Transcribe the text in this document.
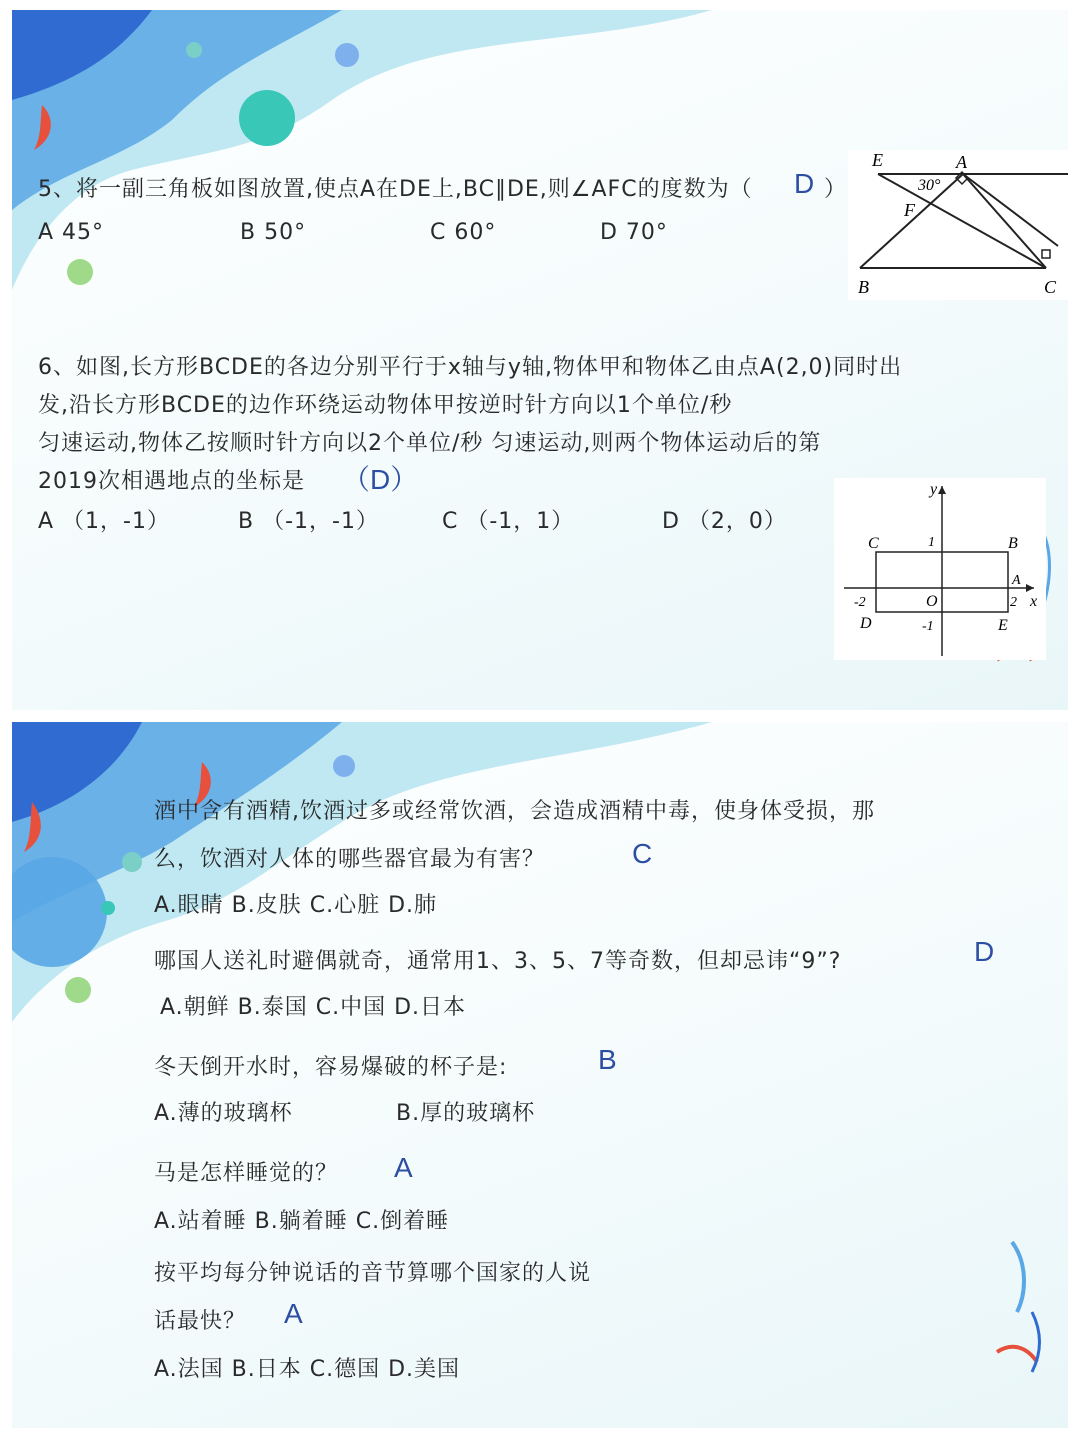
5、将一副三角板如图放置,使点A在DE上,BC∥DE,则∠AFC的度数为（ D ）
A 45°	B 50°	C 60°	D 70°
E	A
30°
F
B	C
6、如图,长方形BCDE的各边分别平行于x轴与y轴,物体甲和物体乙由点A(2,0)同时出
发,沿长方形BCDE的边作环绕运动物体甲按逆时针方向以1个单位/秒
匀速运动,物体乙按顺时针方向以2个单位/秒 匀速运动,则两个物体运动后的第
2019次相遇地点的坐标是 （D）
A （1，-1）	B （-1，-1）	C （-1，1）	D （2，0）
y
x
C	B
1
A
-2	O	2
D	-1	E
酒中含有酒精,饮酒过多或经常饮酒，会造成酒精中毒，使身体受损，那
么，饮酒对人体的哪些器官最为有害？	C
A.眼睛 B.皮肤 C.心脏 D.肺
哪国人送礼时避偶就奇，通常用1、3、5、7等奇数，但却忌讳“9”?	D
A.朝鲜 B.泰国 C.中国 D.日本
冬天倒开水时，容易爆破的杯子是:	B
A.薄的玻璃杯	B.厚的玻璃杯
马是怎样睡觉的？ A
A.站着睡 B.躺着睡 C.倒着睡
按平均每分钟说话的音节算哪个国家的人说
话最快？ A
A.法国 B.日本 C.德国 D.美国
